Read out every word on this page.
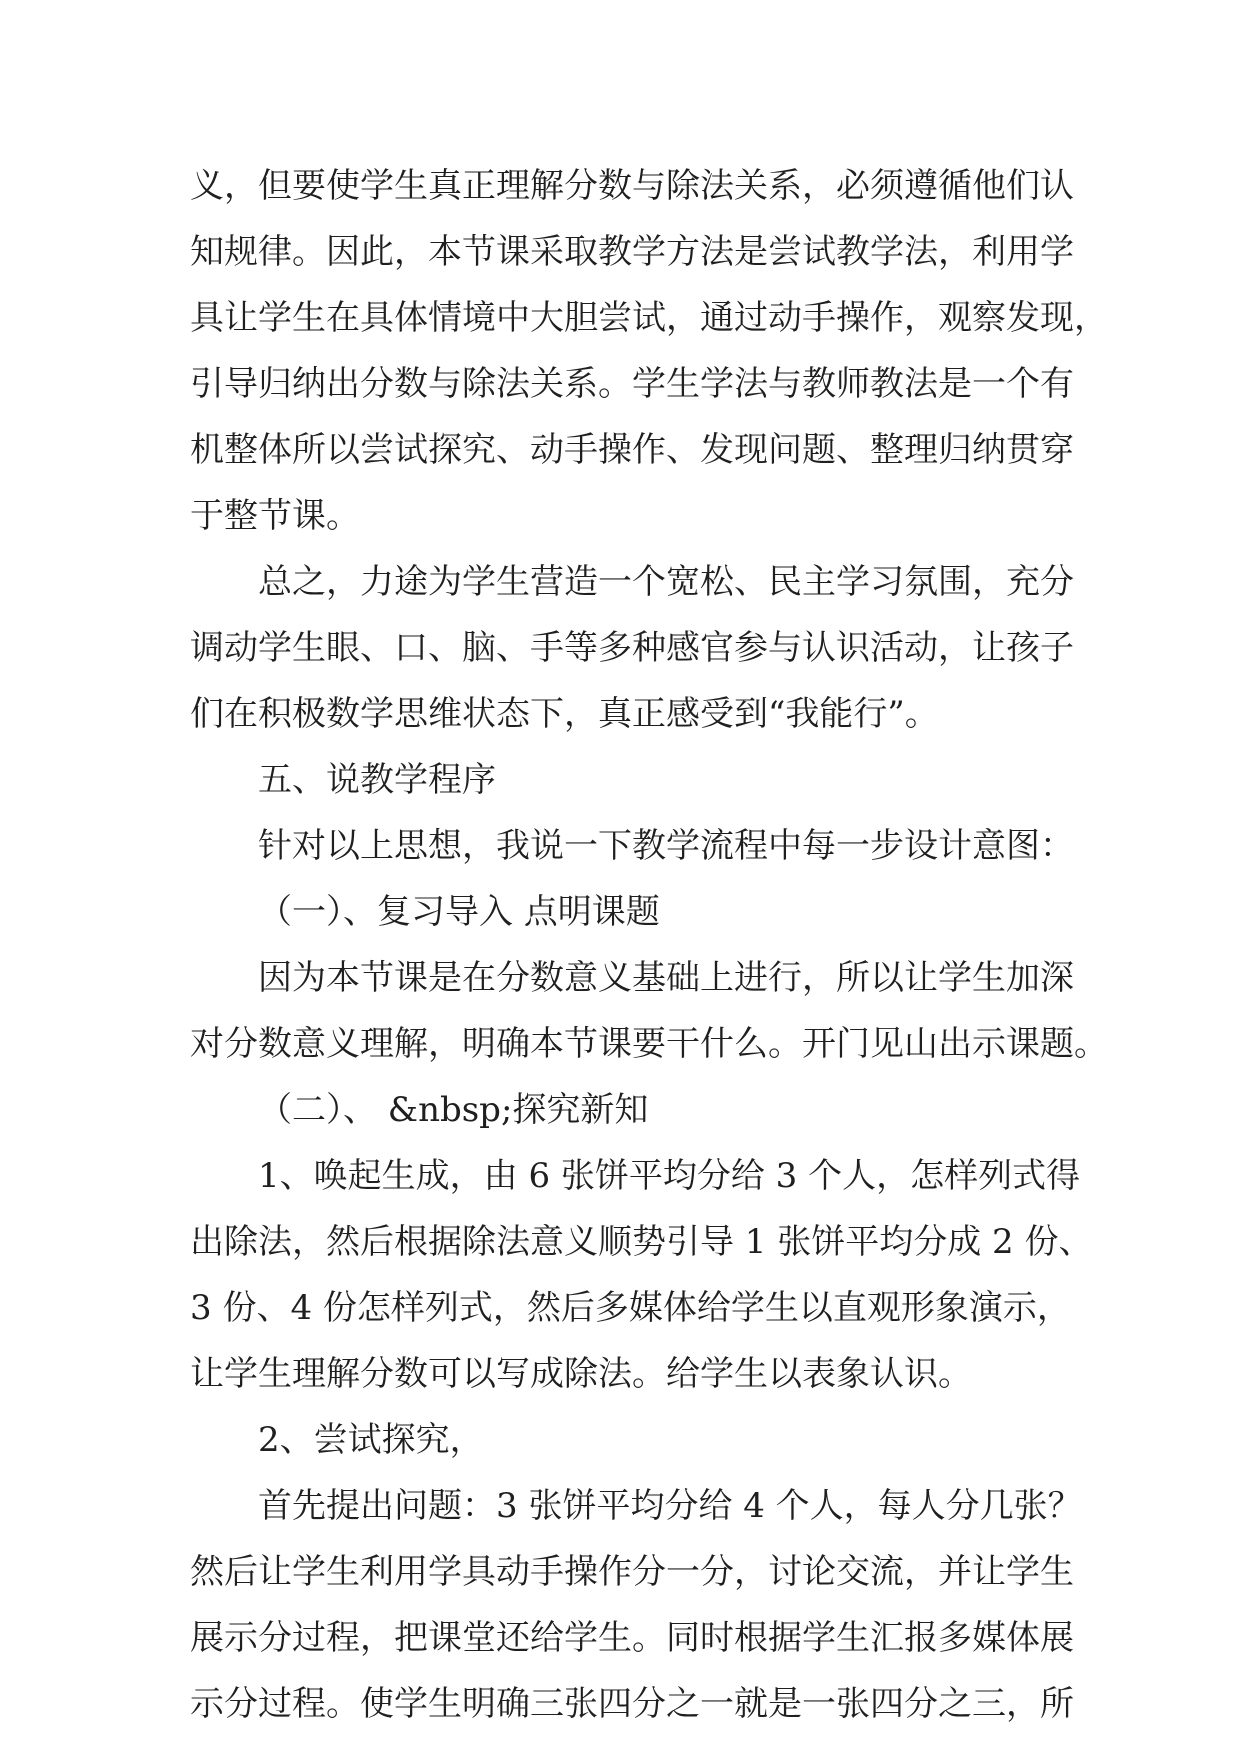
义，但要使学生真正理解分数与除法关系，必须遵循他们认
知规律。因此，本节课采取教学方法是尝试教学法，利用学
具让学生在具体情境中大胆尝试，通过动手操作，观察发现，
引导归纳出分数与除法关系。学生学法与教师教法是一个有
机整体所以尝试探究、动手操作、发现问题、整理归纳贯穿
于整节课。
总之，力途为学生营造一个宽松、民主学习氛围，充分
调动学生眼、口、脑、手等多种感官参与认识活动，让孩子
们在积极数学思维状态下，真正感受到“我能行”。
五、说教学程序
针对以上思想，我说一下教学流程中每一步设计意图：
（一）、复习导入 点明课题
因为本节课是在分数意义基础上进行，所以让学生加深
对分数意义理解，明确本节课要干什么。开门见山出示课题。
（二）、 &nbsp;探究新知
1、唤起生成，由 6 张饼平均分给 3 个人，怎样列式得
出除法，然后根据除法意义顺势引导 1 张饼平均分成 2 份、
3 份、4 份怎样列式，然后多媒体给学生以直观形象演示，
让学生理解分数可以写成除法。给学生以表象认识。
2、尝试探究，
首先提出问题：3 张饼平均分给 4 个人，每人分几张？
然后让学生利用学具动手操作分一分，讨论交流，并让学生
展示分过程，把课堂还给学生。同时根据学生汇报多媒体展
示分过程。使学生明确三张四分之一就是一张四分之三，所
